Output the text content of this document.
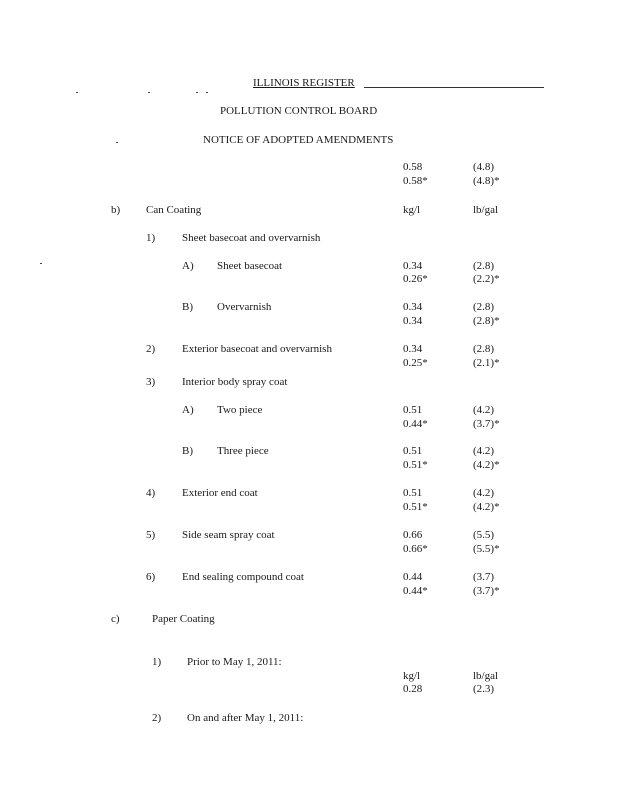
ILLINOIS REGISTER
POLLUTION CONTROL BOARD
NOTICE OF ADOPTED AMENDMENTS
0.58	(4.8)
0.58*	(4.8)*
b) Can Coating	kg/l	lb/gal
1) Sheet basecoat and overvarnish
A) Sheet basecoat	0.34	(2.8)
0.26*	(2.2)*
B) Overvarnish	0.34	(2.8)
0.34	(2.8)*
2) Exterior basecoat and overvarnish	0.34	(2.8)
0.25*	(2.1)*
3) Interior body spray coat
A) Two piece	0.51	(4.2)
0.44*	(3.7)*
B) Three piece	0.51	(4.2)
0.51*	(4.2)*
4) Exterior end coat	0.51	(4.2)
0.51*	(4.2)*
5) Side seam spray coat	0.66	(5.5)
0.66*	(5.5)*
6) End sealing compound coat	0.44	(3.7)
0.44*	(3.7)*
c)	Paper Coating
1) Prior to May 1, 2011:
kg/l	lb/gal
0.28	(2.3)
2) On and after May 1, 2011:
